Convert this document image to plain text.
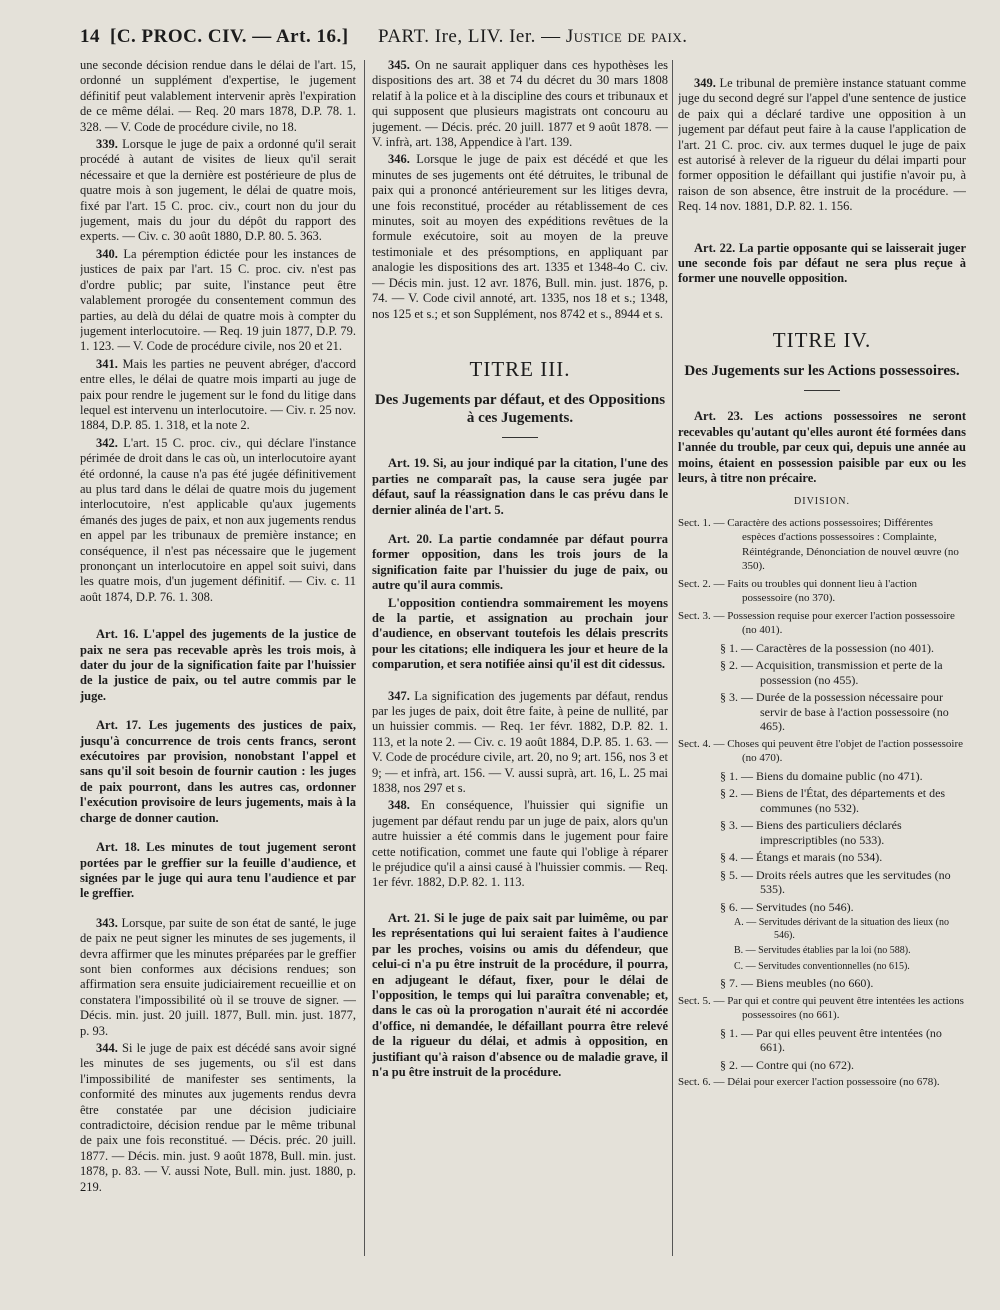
14 [C. PROC. CIV. — Art. 16.] PART. Ire, LIV. Ier. — Justice de paix.

une seconde décision rendue dans le délai de l'art. 15, ordonné un supplément d'expertise, le jugement définitif peut valablement intervenir après l'expiration de ce même délai. — Req. 20 mars 1878, D.P. 78. 1. 328. — V. Code de procédure civile, no 18.

339. Lorsque le juge de paix a ordonné qu'il serait procédé à autant de visites de lieux qu'il serait nécessaire et que la dernière est postérieure de plus de quatre mois à son jugement, le délai de quatre mois, fixé par l'art. 15 C. proc. civ., court non du jour du jugement, mais du jour du dépôt du rapport des experts. — Civ. c. 30 août 1880, D.P. 80. 5. 363.

340. La péremption édictée pour les instances de justices de paix par l'art. 15 C. proc. civ. n'est pas d'ordre public; par suite, l'instance peut être valablement prorogée du consentement commun des parties, au delà du délai de quatre mois à compter du jugement interlocutoire. — Req. 19 juin 1877, D.P. 79. 1. 123. — V. Code de procédure civile, nos 20 et 21.

341. Mais les parties ne peuvent abréger, d'accord entre elles, le délai de quatre mois imparti au juge de paix pour rendre le jugement sur le fond du litige dans lequel est intervenu un interlocutoire. — Civ. r. 25 nov. 1884, D.P. 85. 1. 318, et la note 2.

342. L'art. 15 C. proc. civ., qui déclare l'instance périmée de droit dans le cas où, un interlocutoire ayant été ordonné, la cause n'a pas été jugée définitivement au plus tard dans le délai de quatre mois du jugement interlocutoire, n'est applicable qu'aux jugements émanés des juges de paix, et non aux jugements rendus en appel par les tribunaux de première instance; en conséquence, il n'est pas nécessaire que le jugement prononçant un interlocutoire en appel soit suivi, dans les quatre mois, d'un jugement définitif. — Civ. c. 11 août 1874, D.P. 76. 1. 308.

Art. 16. L'appel des jugements de la justice de paix ne sera pas recevable après les trois mois, à dater du jour de la signification faite par l'huissier de la justice de paix, ou tel autre commis par le juge.

Art. 17. Les jugements des justices de paix, jusqu'à concurrence de trois cents francs, seront exécutoires par provision, nonobstant l'appel et sans qu'il soit besoin de fournir caution : les juges de paix pourront, dans les autres cas, ordonner l'exécution provisoire de leurs jugements, mais à la charge de donner caution.

Art. 18. Les minutes de tout jugement seront portées par le greffier sur la feuille d'audience, et signées par le juge qui aura tenu l'audience et par le greffier.

343. Lorsque, par suite de son état de santé, le juge de paix ne peut signer les minutes de ses jugements, il devra affirmer que les minutes préparées par le greffier sont bien conformes aux décisions rendues; son affirmation sera ensuite judiciairement recueillie et on constatera l'impossibilité où il se trouve de signer. — Décis. min. just. 20 juill. 1877, Bull. min. just. 1877, p. 93.

344. Si le juge de paix est décédé sans avoir signé les minutes de ses jugements, ou s'il est dans l'impossibilité de manifester ses sentiments, la conformité des minutes aux jugements rendus devra être constatée par une décision judiciaire contradictoire, décision rendue par le même tribunal de paix une fois reconstitué. — Décis. préc. 20 juill. 1877. — Décis. min. just. 9 août 1878, Bull. min. just. 1878, p. 83. — V. aussi Note, Bull. min. just. 1880, p. 219.

345. On ne saurait appliquer dans ces hypothèses les dispositions des art. 38 et 74 du décret du 30 mars 1808 relatif à la police et à la discipline des cours et tribunaux et qui supposent que plusieurs magistrats ont concouru au jugement. — Décis. préc. 20 juill. 1877 et 9 août 1878. — V. infrà, art. 138, Appendice à l'art. 139.

346. Lorsque le juge de paix est décédé et que les minutes de ses jugements ont été détruites, le tribunal de paix qui a prononcé antérieurement sur les litiges devra, une fois reconstitué, procéder au rétablissement de ces minutes, soit au moyen des expéditions revêtues de la formule exécutoire, soit au moyen de la preuve testimoniale et des présomptions, en appliquant par analogie les dispositions des art. 1335 et 1348-4o C. civ. — Décis min. just. 12 avr. 1876, Bull. min. just. 1876, p. 74. — V. Code civil annoté, art. 1335, nos 18 et s.; 1348, nos 125 et s.; et son Supplément, nos 8742 et s., 8944 et s.

TITRE III.
Des Jugements par défaut, et des Oppositions à ces Jugements.

Art. 19. Si, au jour indiqué par la citation, l'une des parties ne comparaît pas, la cause sera jugée par défaut, sauf la réassignation dans le cas prévu dans le dernier alinéa de l'art. 5.

Art. 20. La partie condamnée par défaut pourra former opposition, dans les trois jours de la signification faite par l'huissier du juge de paix, ou autre qu'il aura commis.

L'opposition contiendra sommairement les moyens de la partie, et assignation au prochain jour d'audience, en observant toutefois les délais prescrits pour les citations; elle indiquera les jour et heure de la comparution, et sera notifiée ainsi qu'il est dit cidessus.

347. La signification des jugements par défaut, rendus par les juges de paix, doit être faite, à peine de nullité, par un huissier commis. — Req. 1er févr. 1882, D.P. 82. 1. 113, et la note 2. — Civ. c. 19 août 1884, D.P. 85. 1. 63. — V. Code de procédure civile, art. 20, no 9; art. 156, nos 3 et 9; — et infrà, art. 156. — V. aussi suprà, art. 16, L. 25 mai 1838, nos 297 et s.

348. En conséquence, l'huissier qui signifie un jugement par défaut rendu par un juge de paix, alors qu'un autre huissier a été commis dans le jugement pour faire cette notification, commet une faute qui l'oblige à réparer le préjudice qu'il a ainsi causé à l'huissier commis. — Req. 1er févr. 1882, D.P. 82. 1. 113.

Art. 21. Si le juge de paix sait par luimême, ou par les représentations qui lui seraient faites à l'audience par les proches, voisins ou amis du défendeur, que celui-ci n'a pu être instruit de la procédure, il pourra, en adjugeant le défaut, fixer, pour le délai de l'opposition, le temps qui lui paraîtra convenable; et, dans le cas où la prorogation n'aurait été ni accordée d'office, ni demandée, le défaillant pourra être relevé de la rigueur du délai, et admis à opposition, en justifiant qu'à raison d'absence ou de maladie grave, il n'a pu être instruit de la procédure.

349. Le tribunal de première instance statuant comme juge du second degré sur l'appel d'une sentence de justice de paix qui a déclaré tardive une opposition à un jugement par défaut peut faire à la cause l'application de l'art. 21 C. proc. civ. aux termes duquel le juge de paix est autorisé à relever de la rigueur du délai imparti pour former opposition le défaillant qui justifie n'avoir pu, à raison de son absence, être instruit de la procédure. — Req. 14 nov. 1881, D.P. 82. 1. 156.

Art. 22. La partie opposante qui se laisserait juger une seconde fois par défaut ne sera plus reçue à former une nouvelle opposition.

TITRE IV.
Des Jugements sur les Actions possessoires.

Art. 23. Les actions possessoires ne seront recevables qu'autant qu'elles auront été formées dans l'année du trouble, par ceux qui, depuis une année au moins, étaient en possession paisible par eux ou les leurs, à titre non précaire.

DIVISION.

Sect. 1. — Caractère des actions possessoires; Différentes espèces d'actions possessoires : Complainte, Réintégrande, Dénonciation de nouvel œuvre (no 350).

Sect. 2. — Faits ou troubles qui donnent lieu à l'action possessoire (no 370).

Sect. 3. — Possession requise pour exercer l'action possessoire (no 401).

§ 1. — Caractères de la possession (no 401).

§ 2. — Acquisition, transmission et perte de la possession (no 455).

§ 3. — Durée de la possession nécessaire pour servir de base à l'action possessoire (no 465).

Sect. 4. — Choses qui peuvent être l'objet de l'action possessoire (no 470).

§ 1. — Biens du domaine public (no 471).

§ 2. — Biens de l'État, des départements et des communes (no 532).

§ 3. — Biens des particuliers déclarés imprescriptibles (no 533).

§ 4. — Étangs et marais (no 534).

§ 5. — Droits réels autres que les servitudes (no 535).

§ 6. — Servitudes (no 546).

A. — Servitudes dérivant de la situation des lieux (no 546).

B. — Servitudes établies par la loi (no 588).

C. — Servitudes conventionnelles (no 615).

§ 7. — Biens meubles (no 660).

Sect. 5. — Par qui et contre qui peuvent être intentées les actions possessoires (no 661).

§ 1. — Par qui elles peuvent être intentées (no 661).

§ 2. — Contre qui (no 672).

Sect. 6. — Délai pour exercer l'action possessoire (no 678).
